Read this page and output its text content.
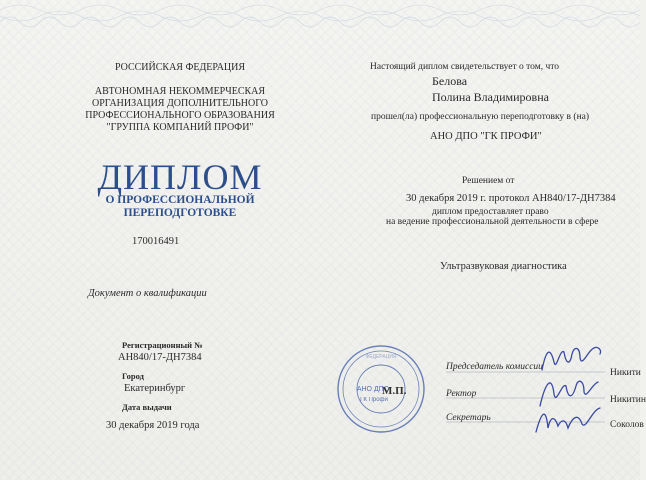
РОССИЙСКАЯ ФЕДЕРАЦИЯ
АВТОНОМНАЯ НЕКОММЕРЧЕСКАЯ
ОРГАНИЗАЦИЯ ДОПОЛНИТЕЛЬНОГО
ПРОФЕССИОНАЛЬНОГО ОБРАЗОВАНИЯ
"ГРУППА КОМПАНИЙ ПРОФИ"
ДИПЛОМ
О ПРОФЕССИОНАЛЬНОЙ
ПЕРЕПОДГОТОВКЕ
170016491
Документ о квалификации
Регистрационный №
АН840/17-ДН7384
Город
Екатеринбург
Дата выдачи
30 декабря 2019 года
Настоящий диплом свидетельствует о том, что
Белова
Полина Владимировна
прошел(ла) профессиональную переподготовку в (на)
АНО ДПО "ГК ПРОФИ"
Решением от
30 декабря 2019 г. протокол АН840/17-ДН7384
диплом предоставляет право
на ведение профессиональной деятельности в сфере
Ультразвуковая диагностика
ФЕДЕРАЦИЯ
АНО ДПО
ГК Профи
М.П.
Председатель комиссии
Ректор
Секретарь
Никити
Никитин
Соколов
